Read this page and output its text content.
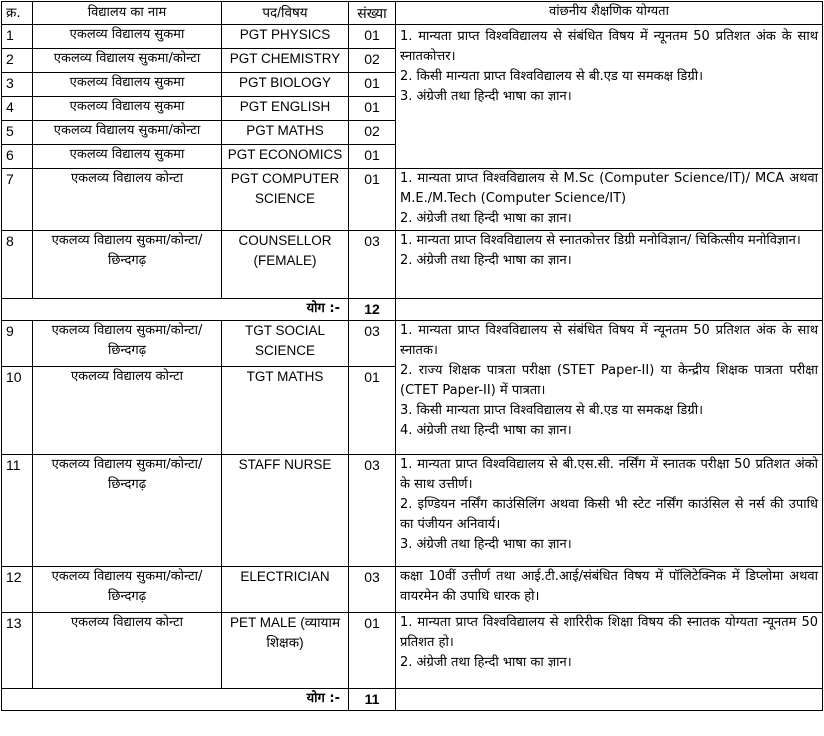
क्र.	विद्यालय का नाम	पद/विषय	संख्या	वांछनीय शैक्षणिक योग्यता
1	एकलव्य विद्यालय सुकमा	PGT PHYSICS	01	1. मान्यता प्राप्त विश्वविद्यालय से संबंधित विषय में न्यूनतम 50 प्रतिशत अंक के साथ स्नातकोत्तर।
2. किसी मान्यता प्राप्त विश्वविद्यालय से बी.एड या समकक्ष डिग्री।
3. अंग्रेजी तथा हिन्दी भाषा का ज्ञान।

2	एकलव्य विद्यालय सुकमा/कोन्टा	PGT CHEMISTRY	02	
3	एकलव्य विद्यालय सुकमा	PGT BIOLOGY	01	
4	एकलव्य विद्यालय सुकमा	PGT ENGLISH	01	
5	एकलव्य विद्यालय सुकमा/कोन्टा	PGT MATHS	02	
6	एकलव्य विद्यालय सुकमा	PGT ECONOMICS	01	
7	एकलव्य विद्यालय कोन्टा	PGT COMPUTER SCIENCE	01	1. मान्यता प्राप्त विश्वविद्यालय से M.Sc (Computer Science/IT)/ MCA अथवा M.E./M.Tech (Computer Science/IT)
2. अंग्रेजी तथा हिन्दी भाषा का ज्ञान।

8	एकलव्य विद्यालय सुकमा/कोन्टा/छिन्दगढ़	COUNSELLOR (FEMALE)	03	1. मान्यता प्राप्त विश्वविद्यालय से स्नातकोत्तर डिग्री मनोविज्ञान/ चिकित्सीय मनोविज्ञान।
2. अंग्रेजी तथा हिन्दी भाषा का ज्ञान।

योग :-			12	
9	एकलव्य विद्यालय सुकमा/कोन्टा/छिन्दगढ़	TGT SOCIAL SCIENCE	03	1. मान्यता प्राप्त विश्वविद्यालय से संबंधित विषय में न्यूनतम 50 प्रतिशत अंक के साथ स्नातक।
2. राज्य शिक्षक पात्रता परीक्षा (STET Paper-II) या केन्द्रीय शिक्षक पात्रता परीक्षा (CTET Paper-II) में पात्रता।
3. किसी मान्यता प्राप्त विश्वविद्यालय से बी.एड या समकक्ष डिग्री।
4. अंग्रेजी तथा हिन्दी भाषा का ज्ञान।

10	एकलव्य विद्यालय कोन्टा	TGT MATHS	01	
11	एकलव्य विद्यालय सुकमा/कोन्टा/छिन्दगढ़	STAFF NURSE	03	1. मान्यता प्राप्त विश्वविद्यालय से बी.एस.सी. नर्सिंग में स्नातक परीक्षा 50 प्रतिशत अंको के साथ उत्तीर्ण।
2. इण्डियन नर्सिंग काउंसिलिंग अथवा किसी भी स्टेट नर्सिंग काउंसिल से नर्स की उपाधि का पंजीयन अनिवार्य।
3. अंग्रेजी तथा हिन्दी भाषा का ज्ञान।

12	एकलव्य विद्यालय सुकमा/कोन्टा/छिन्दगढ़	ELECTRICIAN	03	कक्षा 10वीं उत्तीर्ण तथा आई.टी.आई/संबंधित विषय में पॉलिटेक्निक में डिप्लोमा अथवा वायरमेन की उपाधि धारक हो।

13	एकलव्य विद्यालय कोन्टा	PET MALE (व्यायाम शिक्षक)	01	1. मान्यता प्राप्त विश्वविद्यालय से शारिरीक शिक्षा विषय की स्नातक योग्यता न्यूनतम 50 प्रतिशत हो।
2. अंग्रेजी तथा हिन्दी भाषा का ज्ञान।

योग :-			11	
